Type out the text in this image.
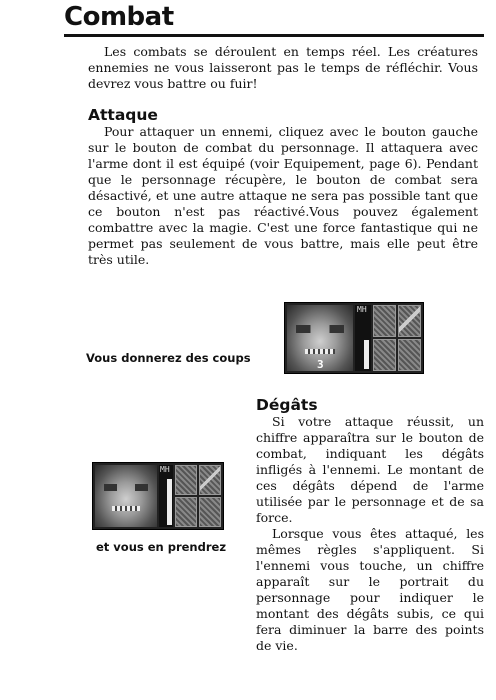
Combat

Les combats se déroulent en temps réel. Les créatures ennemies ne vous laisseront pas le temps de réfléchir. Vous devrez vous battre ou fuir!

Attaque

Pour attaquer un ennemi, cliquez avec le bouton gauche sur le bouton de combat du personnage. Il attaquera avec l'arme dont il est équipé (voir Equipement, page 6). Pendant que le personnage récupère, le bouton de combat sera désactivé, et une autre attaque ne sera pas possible tant que ce bouton n'est pas réactivé.Vous pouvez également combattre avec la magie. C'est une force fantastique qui ne permet pas seulement de vous battre, mais elle peut être très utile.

3
MH

Vous donnerez des coups

Dégâts

Si votre attaque réussit, un chiffre apparaîtra sur le bouton de combat, indiquant les dégâts infligés à l'ennemi. Le montant de ces dégâts dépend de l'arme utilisée par le personnage et de sa force.

Lorsque vous êtes attaqué, les mêmes règles s'appliquent. Si l'ennemi vous touche, un chiffre apparaît sur le portrait du personnage pour indiquer le montant des dégâts subis, ce qui fera diminuer la barre des points de vie.

MH

et vous en prendrez
